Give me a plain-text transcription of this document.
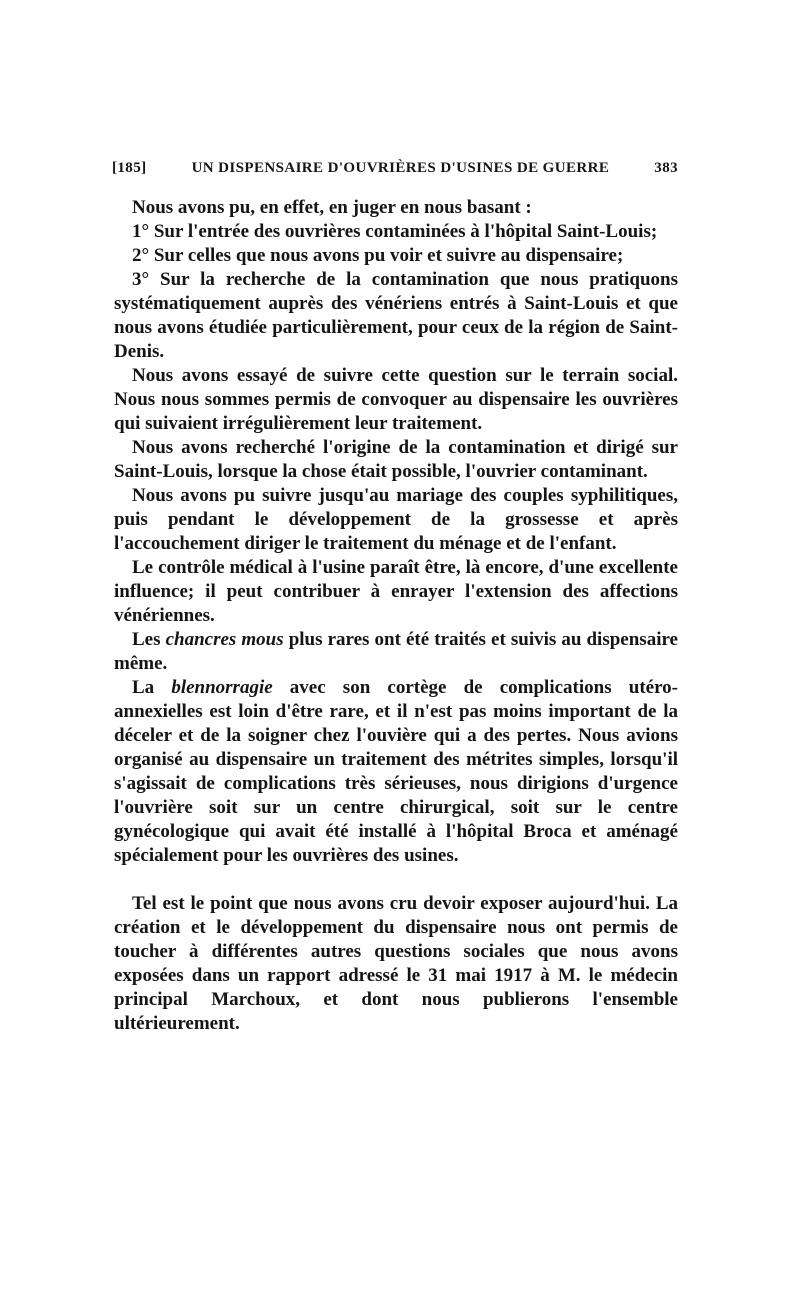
[185]	UN DISPENSAIRE D'OUVRIÈRES D'USINES DE GUERRE	383

Nous avons pu, en effet, en juger en nous basant :

1° Sur l'entrée des ouvrières contaminées à l'hôpital Saint-Louis;

2° Sur celles que nous avons pu voir et suivre au dispensaire;

3° Sur la recherche de la contamination que nous pratiquons systématiquement auprès des vénériens entrés à Saint-Louis et que nous avons étudiée particulièrement, pour ceux de la région de Saint-Denis.

Nous avons essayé de suivre cette question sur le terrain social. Nous nous sommes permis de convoquer au dispensaire les ouvrières qui suivaient irrégulièrement leur traitement.

Nous avons recherché l'origine de la contamination et dirigé sur Saint-Louis, lorsque la chose était possible, l'ouvrier contaminant.

Nous avons pu suivre jusqu'au mariage des couples syphilitiques, puis pendant le développement de la grossesse et après l'accouchement diriger le traitement du ménage et de l'enfant.

Le contrôle médical à l'usine paraît être, là encore, d'une excellente influence; il peut contribuer à enrayer l'extension des affections vénériennes.

Les chancres mous plus rares ont été traités et suivis au dispensaire même.

La blennorragie avec son cortège de complications utéro-annexielles est loin d'être rare, et il n'est pas moins important de la déceler et de la soigner chez l'ouvière qui a des pertes. Nous avions organisé au dispensaire un traitement des métrites simples, lorsqu'il s'agissait de complications très sérieuses, nous dirigions d'urgence l'ouvrière soit sur un centre chirurgical, soit sur le centre gynécologique qui avait été installé à l'hôpital Broca et aménagé spécialement pour les ouvrières des usines.

Tel est le point que nous avons cru devoir exposer aujourd'hui. La création et le développement du dispensaire nous ont permis de toucher à différentes autres questions sociales que nous avons exposées dans un rapport adressé le 31 mai 1917 à M. le médecin principal Marchoux, et dont nous publierons l'ensemble ultérieurement.
